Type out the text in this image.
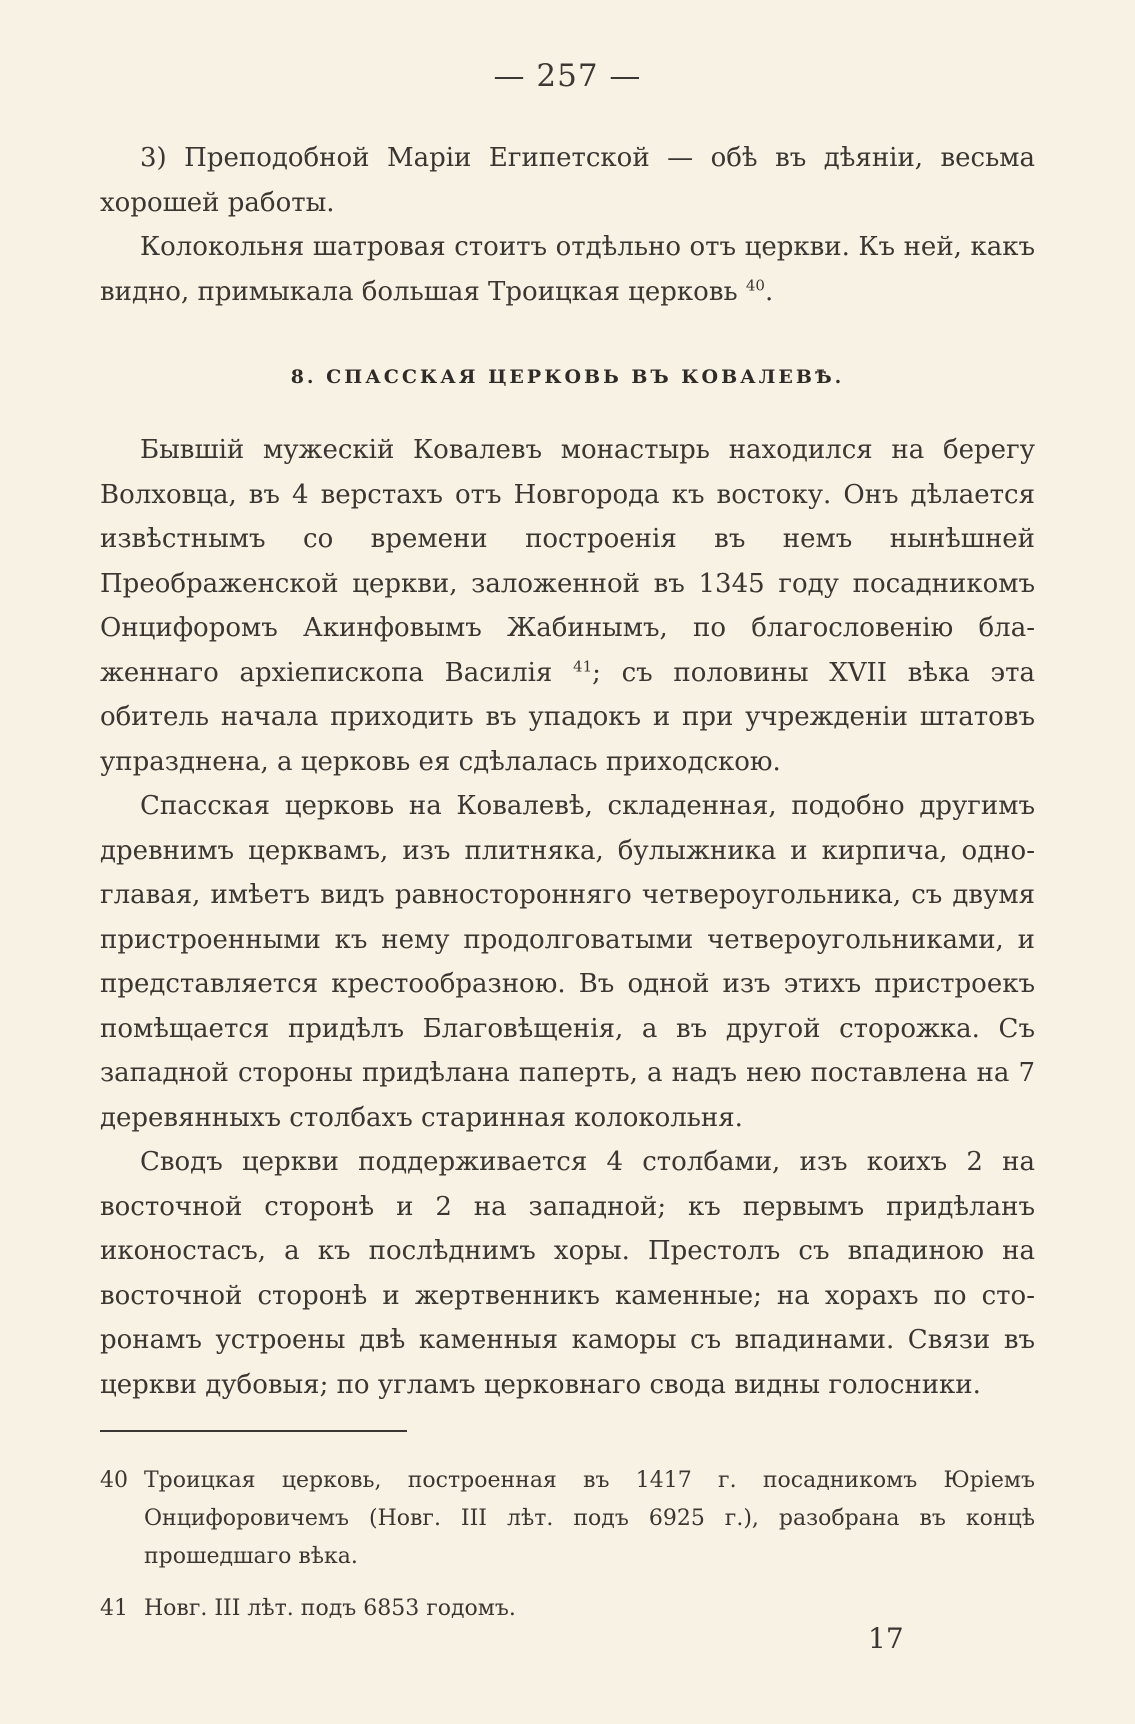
— 257 —

3) Преподобной Маріи Египетской — обѣ въ дѣяніи, весьма хорошей работы.

Колокольня шатровая стоитъ отдѣльно отъ церкви. Къ ней, какъ видно, примыкала большая Троицкая церковь $^{40}$.

8. СПАССКАЯ ЦЕРКОВЬ ВЪ КОВАЛЕВѢ.

Бывшій мужескій Ковалевъ монастырь находился на берегу Волховца, въ 4 верстахъ отъ Новгорода къ востоку. Онъ дѣлается извѣстнымъ со времени построенія въ немъ нынѣшней Преображенской церкви, заложенной въ 1345 году посадникомъ Онцифоромъ Акинфовымъ Жабинымъ, по благословенію блаженнаго архіепископа Василія $^{41}$; съ половины XVII вѣка эта обитель начала приходить въ упадокъ и при учрежденіи штатовъ упразднена, а церковь ея сдѣлалась приходскою.

Спасская церковь на Ковалевѣ, складенная, подобно другимъ древнимъ церквамъ, изъ плитняка, булыжника и кирпича, одноглавая, имѣетъ видъ равносторонняго четвероугольника, съ двумя пристроенными къ нему продолговатыми четвероугольниками, и представляется крестообразною. Въ одной изъ этихъ пристроекъ помѣщается придѣлъ Благовѣщенія, а въ другой сторожка. Съ западной стороны придѣлана паперть, а надъ нею поставлена на 7 деревянныхъ столбахъ старинная колокольня.

Сводъ церкви поддерживается 4 столбами, изъ коихъ 2 на восточной сторонѣ и 2 на западной; къ первымъ придѣланъ иконостасъ, а къ послѣднимъ хоры. Престолъ съ впадиною на восточной сторонѣ и жертвенникъ каменные; на хорахъ по сторонамъ устроены двѣ каменныя каморы съ впадинами. Связи въ церкви дубовыя; по угламъ церковнаго свода видны голосники.

40 Троицкая церковь, построенная въ 1417 г. посадникомъ Юріемъ Онцифоровичемъ (Новг. III лѣт. подъ 6925 г.), разобрана въ концѣ прошедшаго вѣка.

41 Новг. III лѣт. подъ 6853 годомъ.

17
